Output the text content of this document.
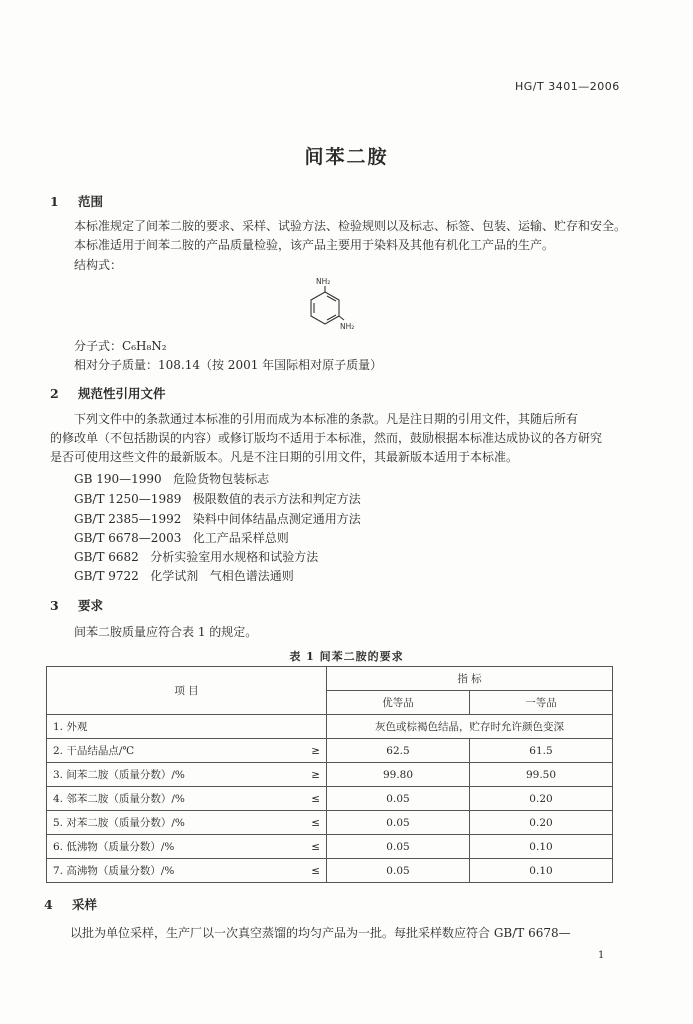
HG/T 3401—2006
间苯二胺
1 范围
本标准规定了间苯二胺的要求、采样、试验方法、检验规则以及标志、标签、包装、运输、贮存和安全。
本标准适用于间苯二胺的产品质量检验，该产品主要用于染料及其他有机化工产品的生产。
结构式：
NH₂
NH₂
分子式：C₆H₈N₂
相对分子质量：108.14（按 2001 年国际相对原子质量）
2 规范性引用文件
下列文件中的条款通过本标准的引用而成为本标准的条款。凡是注日期的引用文件，其随后所有
的修改单（不包括勘误的内容）或修订版均不适用于本标准，然而，鼓励根据本标准达成协议的各方研究
是否可使用这些文件的最新版本。凡是不注日期的引用文件，其最新版本适用于本标准。
GB 190—1990   危险货物包装标志
GB/T 1250—1989   极限数值的表示方法和判定方法
GB/T 2385—1992   染料中间体结晶点测定通用方法
GB/T 6678—2003   化工产品采样总则
GB/T 6682   分析实验室用水规格和试验方法
GB/T 9722   化学试剂   气相色谱法通则
3 要求
间苯二胺质量应符合表 1 的规定。
表 1 间苯二胺的要求
项 目		指 标	
		优等品	一等品
1. 外观		灰色或棕褐色结晶，贮存时允许颜色变深	
2. 干品结晶点/℃	≥	62.5	61.5
3. 间苯二胺（质量分数）/%	≥	99.80	99.50
4. 邻苯二胺（质量分数）/%	≤	0.05	0.20
5. 对苯二胺（质量分数）/%	≤	0.05	0.20
6. 低沸物（质量分数）/%	≤	0.05	0.10
7. 高沸物（质量分数）/%	≤	0.05	0.10
4 采样
以批为单位采样，生产厂以一次真空蒸馏的均匀产品为一批。每批采样数应符合 GB/T 6678—
1
